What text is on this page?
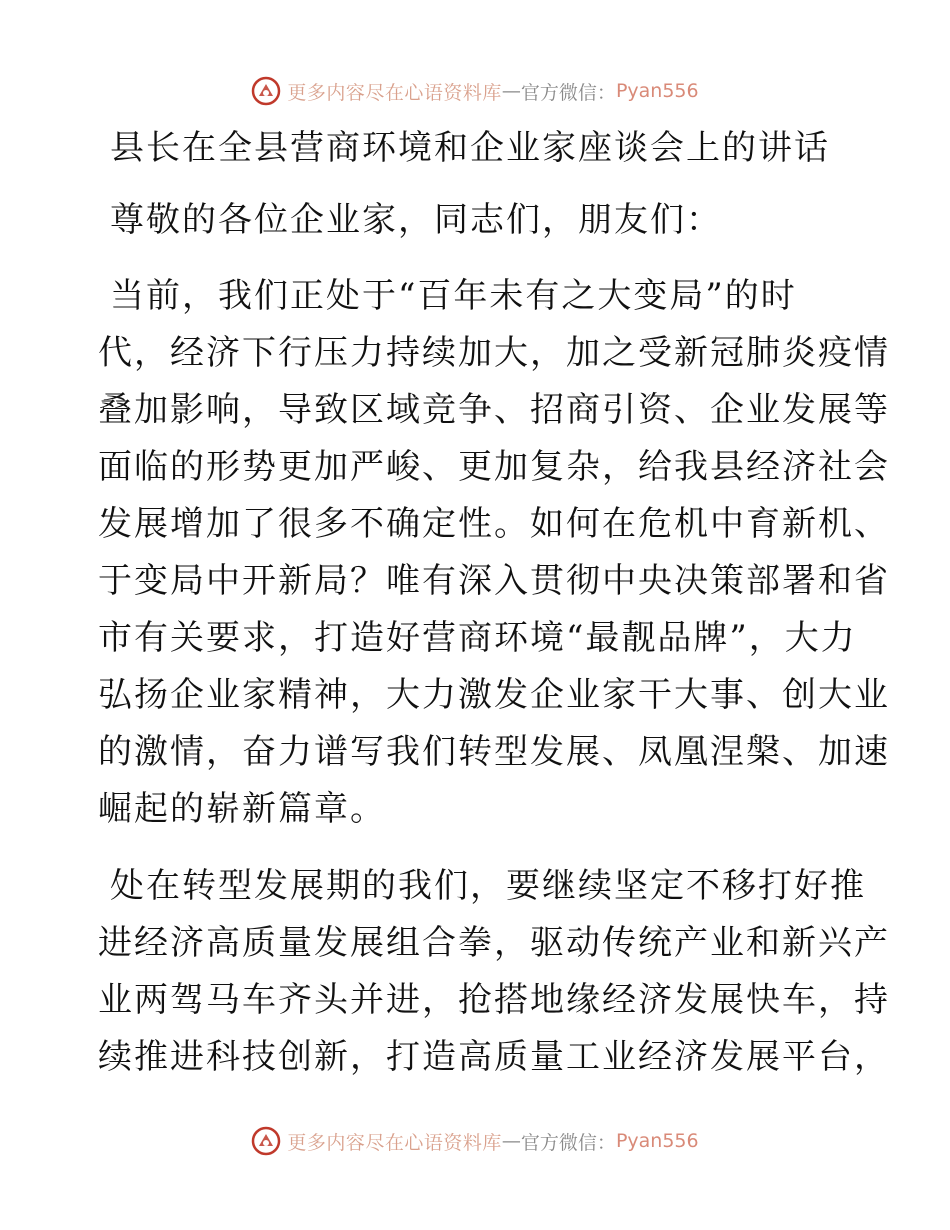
更多内容尽在心语资料库 — 官方微信： Pyan556
县长在全县营商环境和企业家座谈会上的讲话
尊敬的各位企业家，同志们，朋友们：
当前，我们正处于“百年未有之大变局”的时
代，经济下行压力持续加大，加之受新冠肺炎疫情
叠加影响，导致区域竞争、招商引资、企业发展等
面临的形势更加严峻、更加复杂，给我县经济社会
发展增加了很多不确定性。如何在危机中育新机、
于变局中开新局？唯有深入贯彻中央决策部署和省
市有关要求，打造好营商环境“最靓品牌”，大力
弘扬企业家精神，大力激发企业家干大事、创大业
的激情，奋力谱写我们转型发展、凤凰涅槃、加速
崛起的崭新篇章。
处在转型发展期的我们，要继续坚定不移打好推
进经济高质量发展组合拳，驱动传统产业和新兴产
业两驾马车齐头并进，抢搭地缘经济发展快车，持
续推进科技创新，打造高质量工业经济发展平台，
更多内容尽在心语资料库 — 官方微信： Pyan556
